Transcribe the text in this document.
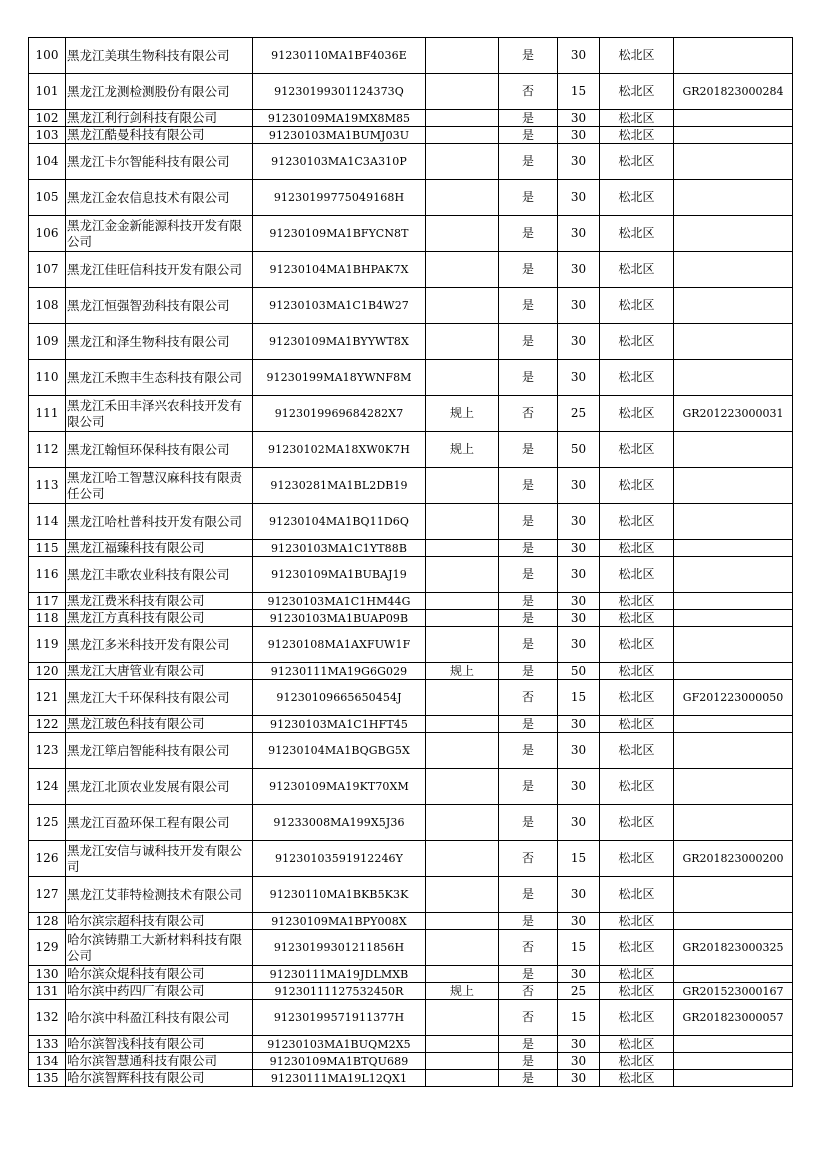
100	黑龙江美琪生物科技有限公司	91230110MA1BF4036E		是	30	松北区	
101	黑龙江龙测检测股份有限公司	91230199301124373Q		否	15	松北区	GR201823000284
102	黑龙江利行剑科技有限公司	91230109MA19MX8M85		是	30	松北区	
103	黑龙江酷曼科技有限公司	91230103MA1BUMJ03U		是	30	松北区	
104	黑龙江卡尔智能科技有限公司	91230103MA1C3A310P		是	30	松北区	
105	黑龙江金农信息技术有限公司	91230199775049168H		是	30	松北区	
106	黑龙江金金新能源科技开发有限公司	91230109MA1BFYCN8T		是	30	松北区	
107	黑龙江佳旺信科技开发有限公司	91230104MA1BHPAK7X		是	30	松北区	
108	黑龙江恒强智劲科技有限公司	91230103MA1C1B4W27		是	30	松北区	
109	黑龙江和泽生物科技有限公司	91230109MA1BYYWT8X		是	30	松北区	
110	黑龙江禾煦丰生态科技有限公司	91230199MA18YWNF8M		是	30	松北区	
111	黑龙江禾田丰泽兴农科技开发有限公司	9123019969684282X7	规上	否	25	松北区	GR201223000031
112	黑龙江翰恒环保科技有限公司	91230102MA18XW0K7H	规上	是	50	松北区	
113	黑龙江哈工智慧汉麻科技有限责任公司	91230281MA1BL2DB19		是	30	松北区	
114	黑龙江哈杜普科技开发有限公司	91230104MA1BQ11D6Q		是	30	松北区	
115	黑龙江福臻科技有限公司	91230103MA1C1YT88B		是	30	松北区	
116	黑龙江丰歌农业科技有限公司	91230109MA1BUBAJ19		是	30	松北区	
117	黑龙江费米科技有限公司	91230103MA1C1HM44G		是	30	松北区	
118	黑龙江方真科技有限公司	91230103MA1BUAP09B		是	30	松北区	
119	黑龙江多米科技开发有限公司	91230108MA1AXFUW1F		是	30	松北区	
120	黑龙江大唐管业有限公司	91230111MA19G6G029	规上	是	50	松北区	
121	黑龙江大千环保科技有限公司	91230109665650454J		否	15	松北区	GF201223000050
122	黑龙江玻色科技有限公司	91230103MA1C1HFT45		是	30	松北区	
123	黑龙江筚启智能科技有限公司	91230104MA1BQGBG5X		是	30	松北区	
124	黑龙江北顶农业发展有限公司	91230109MA19KT70XM		是	30	松北区	
125	黑龙江百盈环保工程有限公司	91233008MA199X5J36		是	30	松北区	
126	黑龙江安信与诚科技开发有限公司	91230103591912246Y		否	15	松北区	GR201823000200
127	黑龙江艾菲特检测技术有限公司	91230110MA1BKB5K3K		是	30	松北区	
128	哈尔滨宗超科技有限公司	91230109MA1BPY008X		是	30	松北区	
129	哈尔滨铸鼎工大新材料科技有限公司	91230199301211856H		否	15	松北区	GR201823000325
130	哈尔滨众焜科技有限公司	91230111MA19JDLMXB		是	30	松北区	
131	哈尔滨中药四厂有限公司	91230111127532450R	规上	否	25	松北区	GR201523000167
132	哈尔滨中科盈江科技有限公司	91230199571911377H		否	15	松北区	GR201823000057
133	哈尔滨智浅科技有限公司	91230103MA1BUQM2X5		是	30	松北区	
134	哈尔滨智慧通科技有限公司	91230109MA1BTQU689		是	30	松北区	
135	哈尔滨智辉科技有限公司	91230111MA19L12QX1		是	30	松北区	
